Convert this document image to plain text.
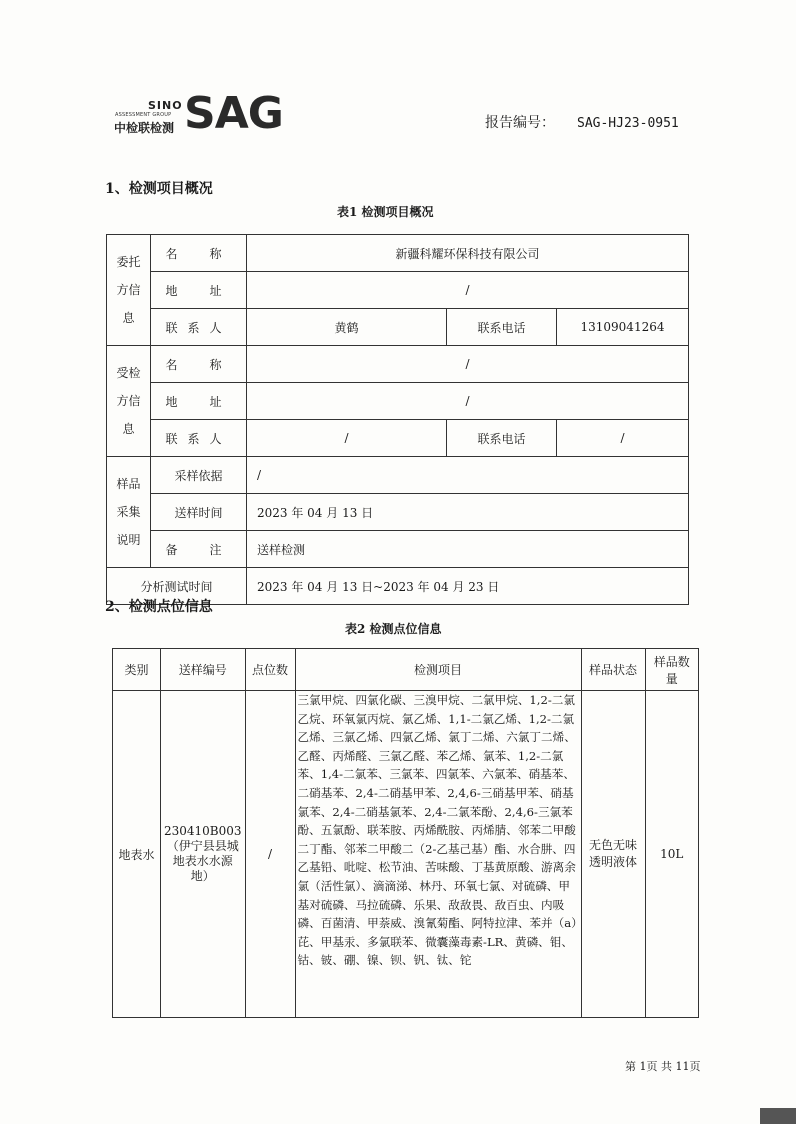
SINO
ASSESSMENT GROUP
中检联检测 SAG	报告编号： SAG-HJ23-0951
1、检测项目概况
表1 检测项目概况
委托方信息	名　称	新疆科耀环保科技有限公司		
	地　址	/		
	联系人	黄鹤	联系电话	13109041264
受检方信息	名　称	/		
	地　址	/		
	联系人	/	联系电话	/
样品采集说明	采样依据	/		
	送样时间	2023 年 04 月 13 日		
	备　注	送样检测		
分析测试时间		2023 年 04 月 13 日~2023 年 04 月 23 日		
2、检测点位信息
表2 检测点位信息
类别	送样编号	点位数	检测项目	样品状态	样品数量
地表水	230410B003（伊宁县县城地表水水源地）	/	三氯甲烷、四氯化碳、三溴甲烷、二氯甲烷、1,2-二氯乙烷、环氧氯丙烷、氯乙烯、1,1-二氯乙烯、1,2-二氯乙烯、三氯乙烯、四氯乙烯、氯丁二烯、六氯丁二烯、乙醛、丙烯醛、三氯乙醛、苯乙烯、氯苯、1,2-二氯苯、1,4-二氯苯、三氯苯、四氯苯、六氯苯、硝基苯、二硝基苯、2,4-二硝基甲苯、2,4,6-三硝基甲苯、硝基氯苯、2,4-二硝基氯苯、2,4-二氯苯酚、2,4,6-三氯苯酚、五氯酚、联苯胺、丙烯酰胺、丙烯腈、邻苯二甲酸二丁酯、邻苯二甲酸二（2-乙基己基）酯、水合肼、四乙基铅、吡啶、松节油、苦味酸、丁基黄原酸、游离余氯（活性氯）、滴滴涕、林丹、环氧七氯、对硫磷、甲基对硫磷、马拉硫磷、乐果、敌敌畏、敌百虫、内吸磷、百菌清、甲萘威、溴氰菊酯、阿特拉津、苯并（a）芘、甲基汞、多氯联苯、微囊藻毒素-LR、黄磷、钼、钴、铍、硼、镍、钡、钒、钛、铊	无色无味透明液体	10L
第 1页 共 11页
